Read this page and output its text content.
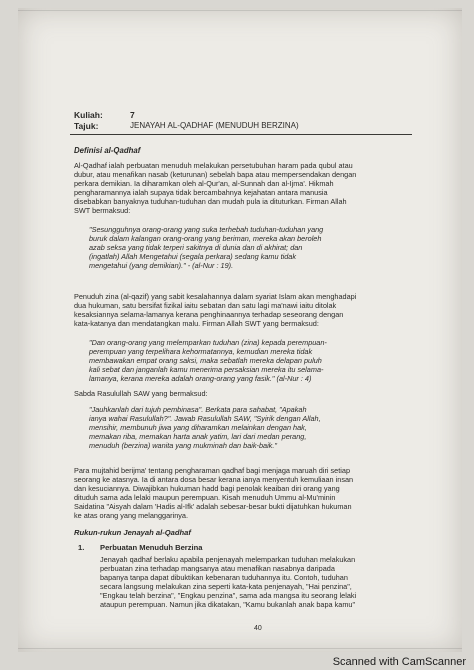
Kuliah:	7
Tajuk:	JENAYAH AL-QADHAF (MENUDUH BERZINA)
Definisi al-Qadhaf
Al-Qadhaf ialah perbuatan menuduh melakukan persetubuhan haram pada qubul atau
dubur, atau menafikan nasab (keturunan) sebelah bapa atau mempersendakan dengan
perkara demikian. Ia diharamkan oleh al-Qur'an, al-Sunnah dan al-Ijma'. Hikmah
pengharamannya ialah supaya tidak bercambahnya kejahatan antara manusia
disebabkan banyaknya tuduhan-tuduhan dan mudah pula ia dituturkan. Firman Allah
SWT bermaksud:
"Sesungguhnya orang-orang yang suka terhebah tuduhan-tuduhan yang
buruk dalam kalangan orang-orang yang beriman, mereka akan beroleh
azab seksa yang tidak terperi sakitnya di dunia dan di akhirat; dan
(ingatlah) Allah Mengetahui (segala perkara) sedang kamu tidak
mengetahui (yang demikian)." - (al-Nur : 19).
Penuduh zina (al-qazif) yang sabit kesalahannya dalam syariat Islam akan menghadapi
dua hukuman, satu bersifat fizikal iaitu sebatan dan satu lagi ma'nawi iaitu ditolak
kesaksiannya selama-lamanya kerana penghinaannya terhadap seseorang dengan
kata-katanya dan mendatangkan malu. Firman Allah SWT yang bermaksud:
"Dan orang-orang yang melemparkan tuduhan (zina) kepada perempuan-
perempuan yang terpelihara kehormatannya, kemudian mereka tidak
membawakan empat orang saksi, maka sebatlah mereka delapan puluh
kali sebat dan janganlah kamu menerima persaksian mereka itu selama-
lamanya, kerana mereka adalah orang-orang yang fasik." (al-Nur : 4)
Sabda Rasulullah SAW yang bermaksud:
"Jauhkanlah dari tujuh pembinasa". Berkata para sahabat, "Apakah
ianya wahai Rasulullah?". Jawab Rasulullah SAW, "Syirik dengan Allah,
mensihir, membunuh jiwa yang diharamkan melainkan dengan hak,
memakan riba, memakan harta anak yatim, lari dari medan perang,
menuduh (berzina) wanita yang mukminah dan baik-baik."
Para mujtahid berijma' tentang pengharaman qadhaf bagi menjaga maruah diri setiap
seorang ke atasnya. Ia di antara dosa besar kerana ianya menyentuh kemuliaan insan
dan kesuciannya. Diwajibkan hukuman hadd bagi penolak keaiban diri orang yang
dituduh sama ada lelaki maupun perempuan. Kisah menuduh Ummu al-Mu'minin
Saidatina "Aisyah dalam 'Hadis al-Ifk' adalah sebesar-besar bukti dijatuhkan hukuman
ke atas orang yang melanggarinya.
Rukun-rukun Jenayah al-Qadhaf
1. Perbuatan Menuduh Berzina
Jenayah qadhaf berlaku apabila penjenayah melemparkan tuduhan melakukan
perbuatan zina terhadap mangsanya atau menafikan nasabnya daripada
bapanya tanpa dapat dibuktikan kebenaran tuduhannya itu. Contoh, tuduhan
secara langsung melakukan zina seperti kata-kata penjenayah, "Hai penzina",
"Engkau telah berzina", "Engkau penzina", sama ada mangsa itu seorang lelaki
ataupun perempuan. Namun jika dikatakan, "Kamu bukanlah anak bapa kamu"
40
Scanned with CamScanner
